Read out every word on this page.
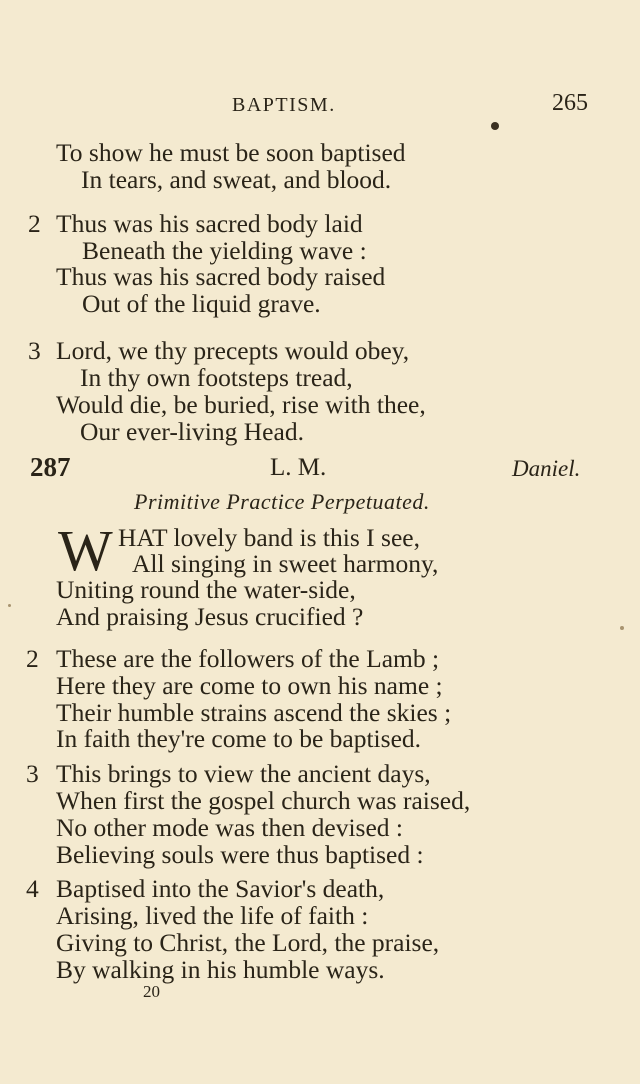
BAPTISM.	265
To show he must be soon baptised
In tears, and sweat, and blood.
2 Thus was his sacred body laid
Beneath the yielding wave :
Thus was his sacred body raised
Out of the liquid grave.
3 Lord, we thy precepts would obey,
In thy own footsteps tread,
Would die, be buried, rise with thee,
Our ever-living Head.
287	L. M.	Daniel.
Primitive Practice Perpetuated.
W HAT lovely band is this I see,
All singing in sweet harmony,
Uniting round the water-side,
And praising Jesus crucified ?
2 These are the followers of the Lamb ;
Here they are come to own his name ;
Their humble strains ascend the skies ;
In faith they're come to be baptised.
3 This brings to view the ancient days,
When first the gospel church was raised,
No other mode was then devised :
Believing souls were thus baptised :
4 Baptised into the Savior's death,
Arising, lived the life of faith :
Giving to Christ, the Lord, the praise,
By walking in his humble ways.
20
